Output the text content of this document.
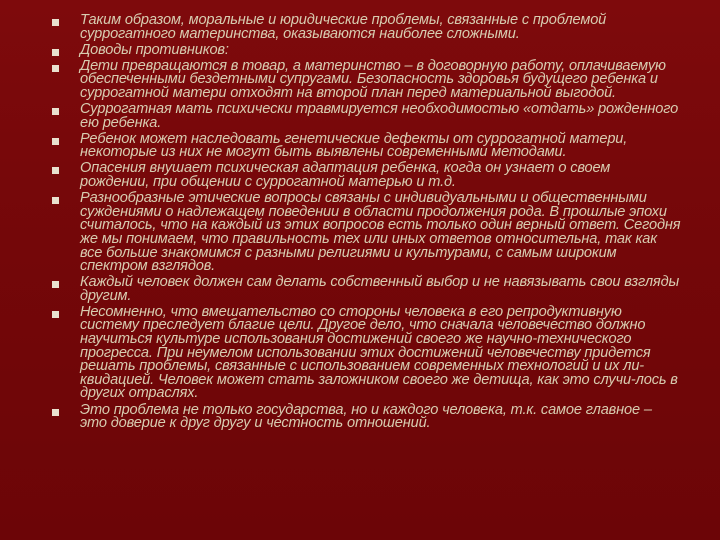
Таким образом, моральные и юридические проблемы, связанные с проблемой суррогатного материнства, оказываются наиболее сложными.
Доводы противников:
Дети превращаются в товар, а материнство – в договорную работу, оплачиваемую обеспеченными бездетными супругами. Безопасность здоровья будущего ребенка и суррогатной матери отходят на второй план перед материальной выгодой.
Суррогатная мать психически травмируется необходимостью «отдать» рожденного ею ребенка.
Ребенок может наследовать генетические дефекты от суррогатной матери, некоторые из них не могут быть выявлены современными методами.
Опасения внушает психическая адаптация ребенка, когда он узнает о своем рождении, при общении с суррогатной матерью и т.д.
Разнообразные этические вопросы связаны с индивидуальными и общественными суждениями о надлежащем поведении в области продолжения рода. В прошлые эпохи считалось, что на каждый из этих вопросов есть только один верный ответ. Сегодня же мы понимаем, что правильность тех или иных ответов относительна, так как все больше знакомимся с разными религиями и культурами, с самым широким спектром взглядов.
Каждый человек должен сам делать собственный выбор и не навязывать свои взгляды другим.
Несомненно, что вмешательство со стороны человека в его репродуктивную систему преследует благие цели. Другое дело, что сначала человечество должно научиться культуре использования достижений своего же научно-технического прогресса. При неумелом использовании этих достижений человечеству придется решать проблемы, связанные с использованием современных технологий и их ли-квидацией. Человек может стать заложником своего же детища, как это случи-лось в других отраслях.
Это проблема не только государства, но и каждого человека, т.к. самое главное – это доверие к друг другу и честность отношений.
